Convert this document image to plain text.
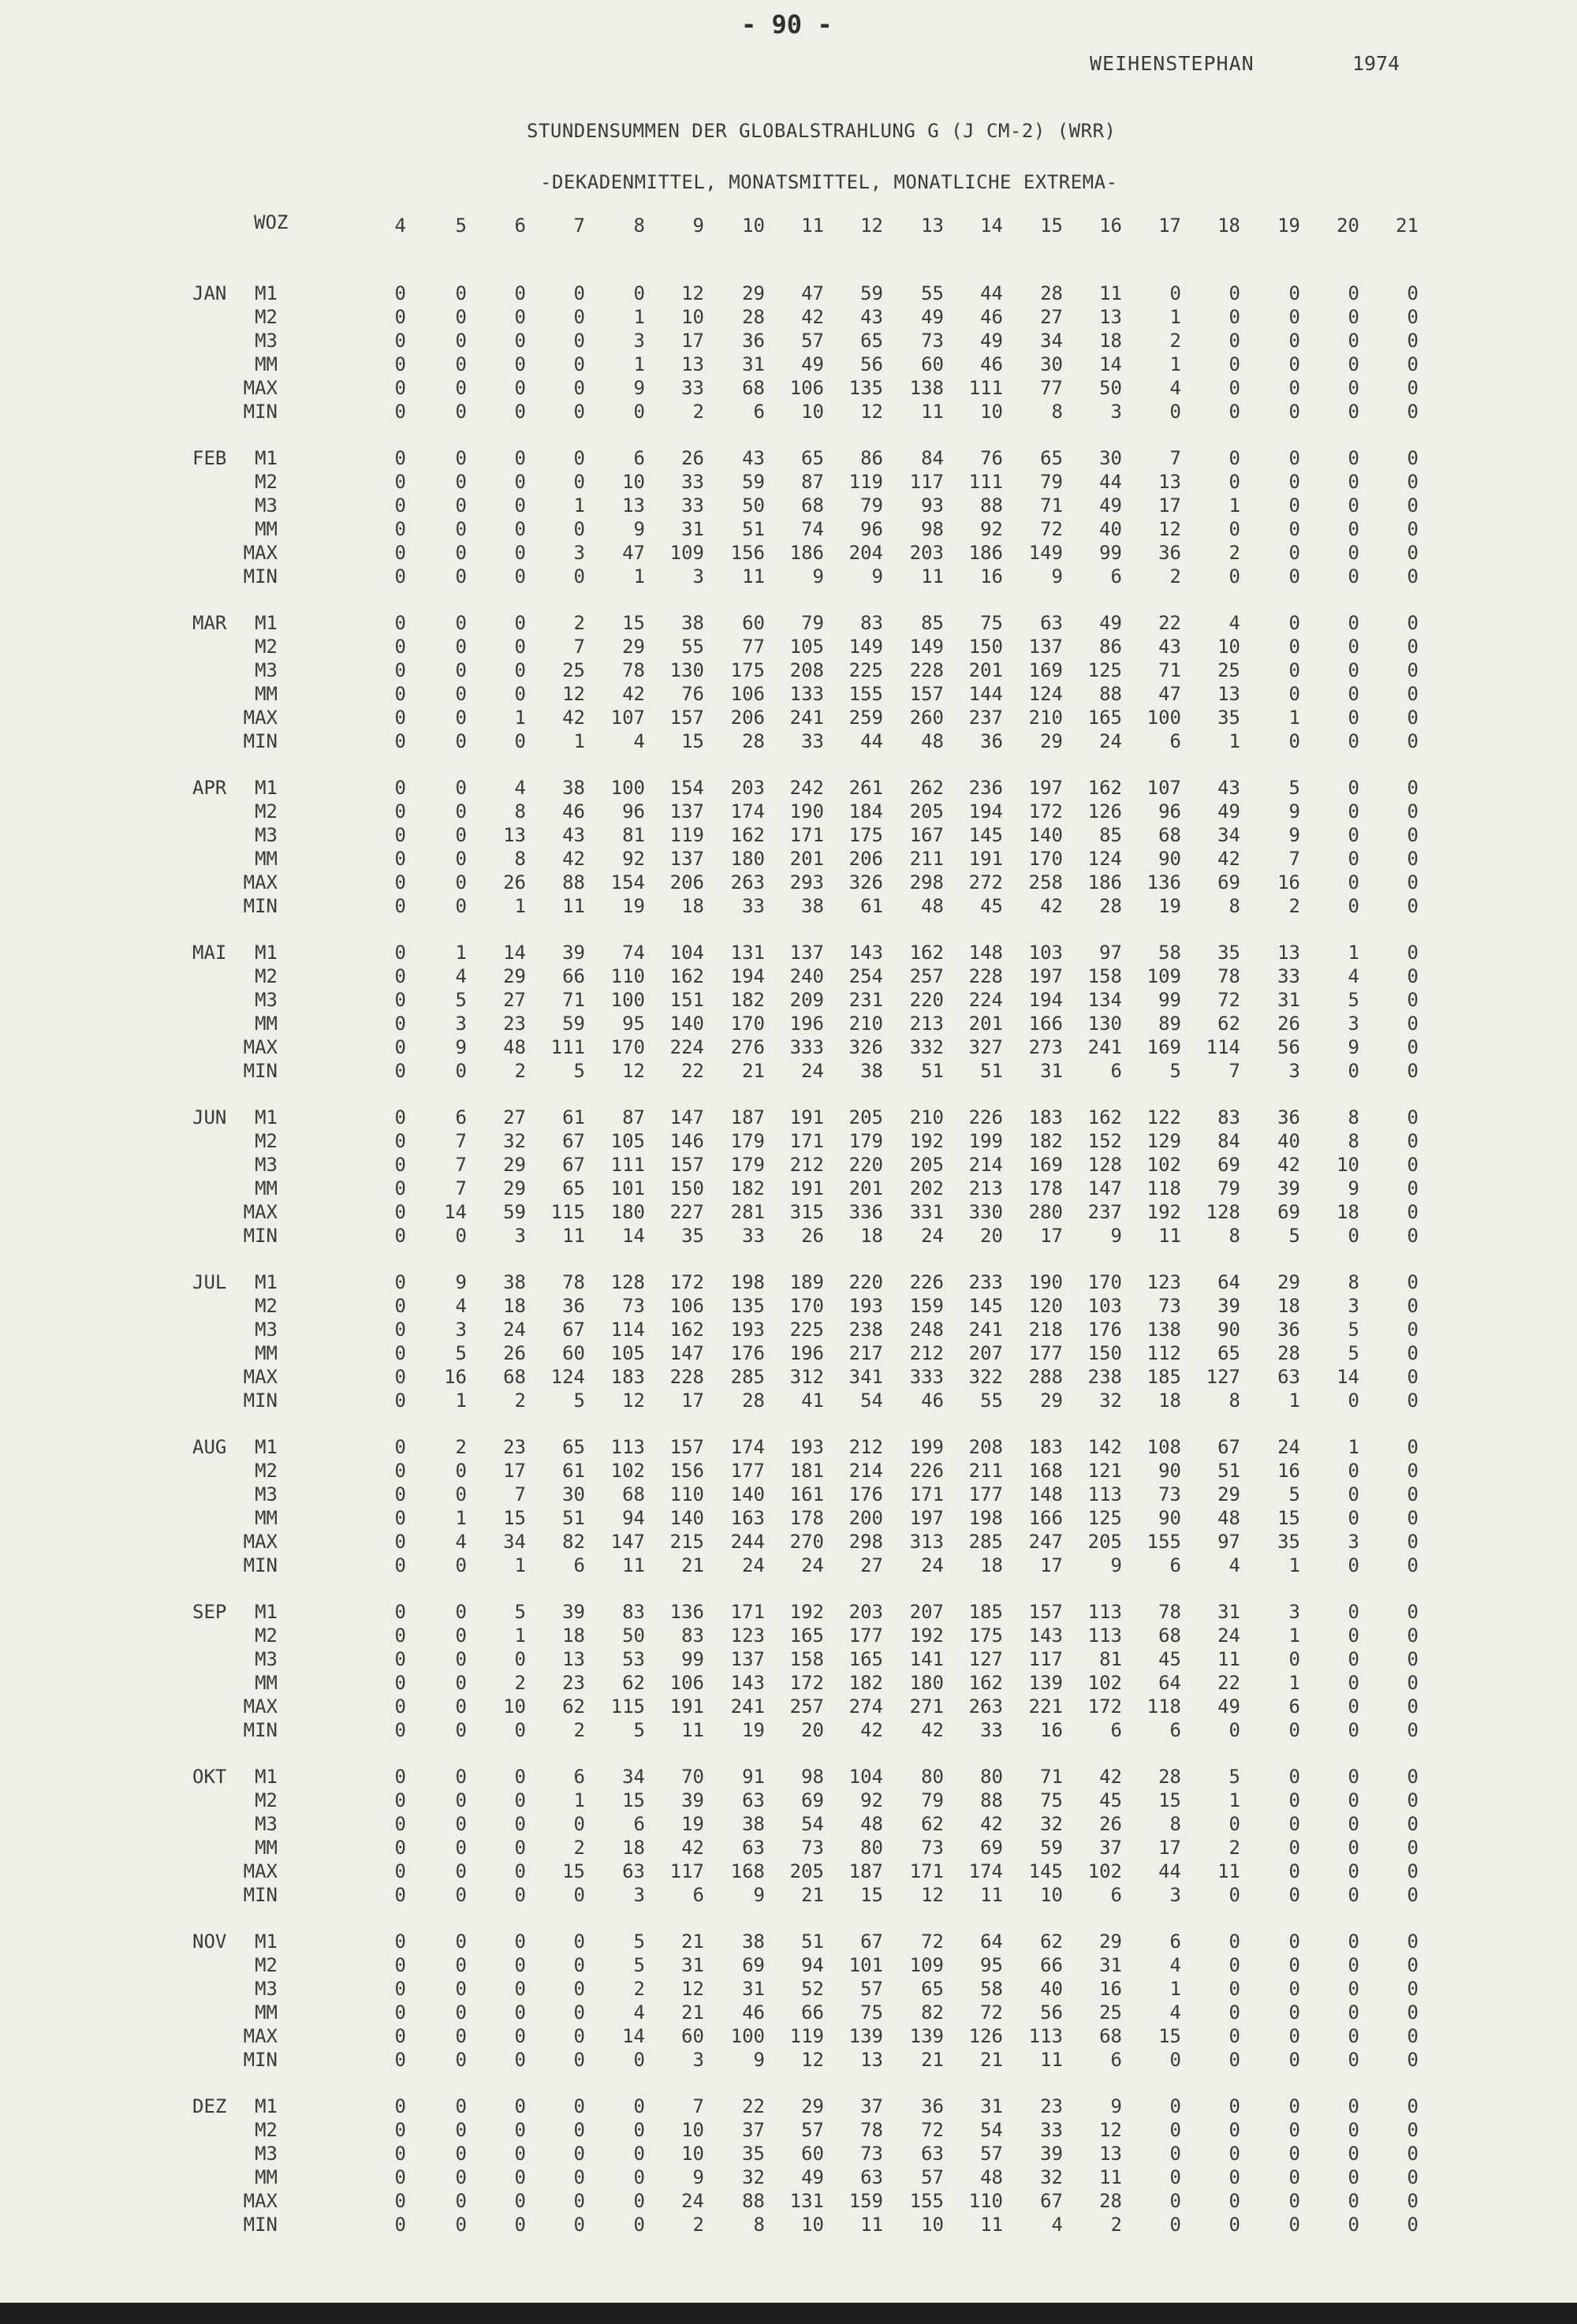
- 90 -
WEIHENSTEPHAN	1974
STUNDENSUMMEN DER GLOBALSTRAHLUNG G (J CM-2) (WRR)
-DEKADENMITTEL, MONATSMITTEL, MONATLICHE EXTREMA-
WOZ	4	5	6	7	8	9	10	11	12	13	14	15	16	17	18	19	20	21
JAN	M1	0	0	0	0	0	12	29	47	59	55	44	28	11	0	0	0	0	0
M2	0	0	0	0	1	10	28	42	43	49	46	27	13	1	0	0	0	0
M3	0	0	0	0	3	17	36	57	65	73	49	34	18	2	0	0	0	0
MM	0	0	0	0	1	13	31	49	56	60	46	30	14	1	0	0	0	0
MAX	0	0	0	0	9	33	68	106	135	138	111	77	50	4	0	0	0	0
MIN	0	0	0	0	0	2	6	10	12	11	10	8	3	0	0	0	0	0
FEB	M1	0	0	0	0	6	26	43	65	86	84	76	65	30	7	0	0	0	0
M2	0	0	0	0	10	33	59	87	119	117	111	79	44	13	0	0	0	0
M3	0	0	0	1	13	33	50	68	79	93	88	71	49	17	1	0	0	0
MM	0	0	0	0	9	31	51	74	96	98	92	72	40	12	0	0	0	0
MAX	0	0	0	3	47	109	156	186	204	203	186	149	99	36	2	0	0	0
MIN	0	0	0	0	1	3	11	9	9	11	16	9	6	2	0	0	0	0
MAR	M1	0	0	0	2	15	38	60	79	83	85	75	63	49	22	4	0	0	0
M2	0	0	0	7	29	55	77	105	149	149	150	137	86	43	10	0	0	0
M3	0	0	0	25	78	130	175	208	225	228	201	169	125	71	25	0	0	0
MM	0	0	0	12	42	76	106	133	155	157	144	124	88	47	13	0	0	0
MAX	0	0	1	42	107	157	206	241	259	260	237	210	165	100	35	1	0	0
MIN	0	0	0	1	4	15	28	33	44	48	36	29	24	6	1	0	0	0
APR	M1	0	0	4	38	100	154	203	242	261	262	236	197	162	107	43	5	0	0
M2	0	0	8	46	96	137	174	190	184	205	194	172	126	96	49	9	0	0
M3	0	0	13	43	81	119	162	171	175	167	145	140	85	68	34	9	0	0
MM	0	0	8	42	92	137	180	201	206	211	191	170	124	90	42	7	0	0
MAX	0	0	26	88	154	206	263	293	326	298	272	258	186	136	69	16	0	0
MIN	0	0	1	11	19	18	33	38	61	48	45	42	28	19	8	2	0	0
MAI	M1	0	1	14	39	74	104	131	137	143	162	148	103	97	58	35	13	1	0
M2	0	4	29	66	110	162	194	240	254	257	228	197	158	109	78	33	4	0
M3	0	5	27	71	100	151	182	209	231	220	224	194	134	99	72	31	5	0
MM	0	3	23	59	95	140	170	196	210	213	201	166	130	89	62	26	3	0
MAX	0	9	48	111	170	224	276	333	326	332	327	273	241	169	114	56	9	0
MIN	0	0	2	5	12	22	21	24	38	51	51	31	6	5	7	3	0	0
JUN	M1	0	6	27	61	87	147	187	191	205	210	226	183	162	122	83	36	8	0
M2	0	7	32	67	105	146	179	171	179	192	199	182	152	129	84	40	8	0
M3	0	7	29	67	111	157	179	212	220	205	214	169	128	102	69	42	10	0
MM	0	7	29	65	101	150	182	191	201	202	213	178	147	118	79	39	9	0
MAX	0	14	59	115	180	227	281	315	336	331	330	280	237	192	128	69	18	0
MIN	0	0	3	11	14	35	33	26	18	24	20	17	9	11	8	5	0	0
JUL	M1	0	9	38	78	128	172	198	189	220	226	233	190	170	123	64	29	8	0
M2	0	4	18	36	73	106	135	170	193	159	145	120	103	73	39	18	3	0
M3	0	3	24	67	114	162	193	225	238	248	241	218	176	138	90	36	5	0
MM	0	5	26	60	105	147	176	196	217	212	207	177	150	112	65	28	5	0
MAX	0	16	68	124	183	228	285	312	341	333	322	288	238	185	127	63	14	0
MIN	0	1	2	5	12	17	28	41	54	46	55	29	32	18	8	1	0	0
AUG	M1	0	2	23	65	113	157	174	193	212	199	208	183	142	108	67	24	1	0
M2	0	0	17	61	102	156	177	181	214	226	211	168	121	90	51	16	0	0
M3	0	0	7	30	68	110	140	161	176	171	177	148	113	73	29	5	0	0
MM	0	1	15	51	94	140	163	178	200	197	198	166	125	90	48	15	0	0
MAX	0	4	34	82	147	215	244	270	298	313	285	247	205	155	97	35	3	0
MIN	0	0	1	6	11	21	24	24	27	24	18	17	9	6	4	1	0	0
SEP	M1	0	0	5	39	83	136	171	192	203	207	185	157	113	78	31	3	0	0
M2	0	0	1	18	50	83	123	165	177	192	175	143	113	68	24	1	0	0
M3	0	0	0	13	53	99	137	158	165	141	127	117	81	45	11	0	0	0
MM	0	0	2	23	62	106	143	172	182	180	162	139	102	64	22	1	0	0
MAX	0	0	10	62	115	191	241	257	274	271	263	221	172	118	49	6	0	0
MIN	0	0	0	2	5	11	19	20	42	42	33	16	6	6	0	0	0	0
OKT	M1	0	0	0	6	34	70	91	98	104	80	80	71	42	28	5	0	0	0
M2	0	0	0	1	15	39	63	69	92	79	88	75	45	15	1	0	0	0
M3	0	0	0	0	6	19	38	54	48	62	42	32	26	8	0	0	0	0
MM	0	0	0	2	18	42	63	73	80	73	69	59	37	17	2	0	0	0
MAX	0	0	0	15	63	117	168	205	187	171	174	145	102	44	11	0	0	0
MIN	0	0	0	0	3	6	9	21	15	12	11	10	6	3	0	0	0	0
NOV	M1	0	0	0	0	5	21	38	51	67	72	64	62	29	6	0	0	0	0
M2	0	0	0	0	5	31	69	94	101	109	95	66	31	4	0	0	0	0
M3	0	0	0	0	2	12	31	52	57	65	58	40	16	1	0	0	0	0
MM	0	0	0	0	4	21	46	66	75	82	72	56	25	4	0	0	0	0
MAX	0	0	0	0	14	60	100	119	139	139	126	113	68	15	0	0	0	0
MIN	0	0	0	0	0	3	9	12	13	21	21	11	6	0	0	0	0	0
DEZ	M1	0	0	0	0	0	7	22	29	37	36	31	23	9	0	0	0	0	0
M2	0	0	0	0	0	10	37	57	78	72	54	33	12	0	0	0	0	0
M3	0	0	0	0	0	10	35	60	73	63	57	39	13	0	0	0	0	0
MM	0	0	0	0	0	9	32	49	63	57	48	32	11	0	0	0	0	0
MAX	0	0	0	0	0	24	88	131	159	155	110	67	28	0	0	0	0	0
MIN	0	0	0	0	0	2	8	10	11	10	11	4	2	0	0	0	0	0
